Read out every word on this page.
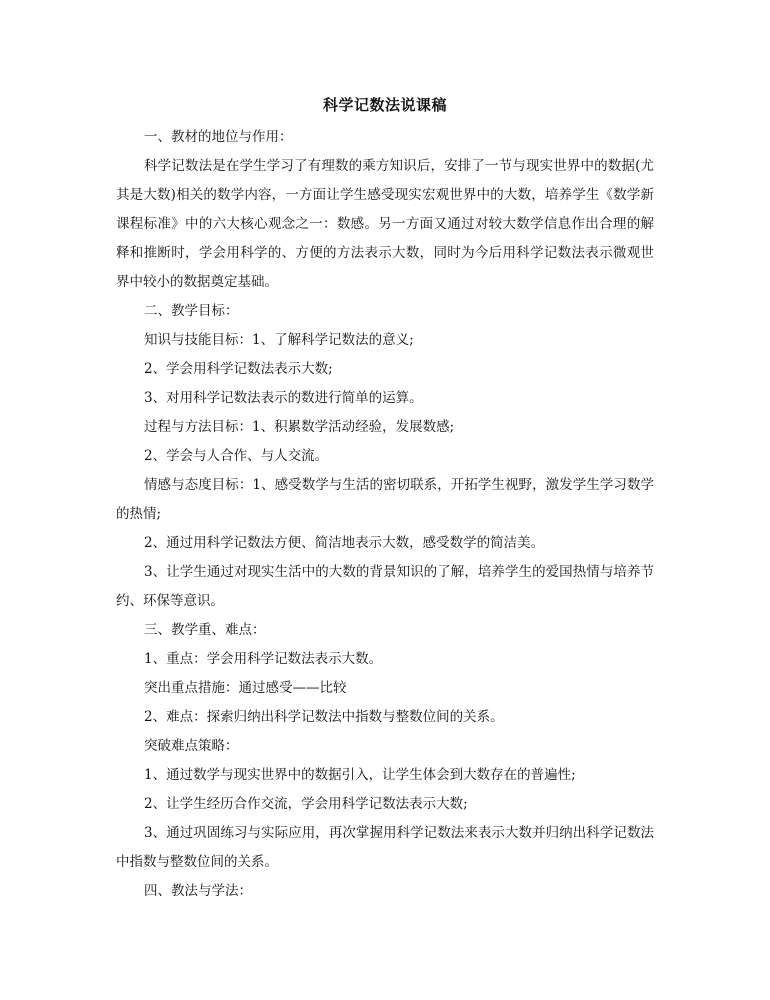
科学记数法说课稿

一、教材的地位与作用：

科学记数法是在学生学习了有理数的乘方知识后，安排了一节与现实世界中的数据(尤其是大数)相关的数学内容，一方面让学生感受现实宏观世界中的大数，培养学生《数学新课程标准》中的六大核心观念之一：数感。另一方面又通过对较大数学信息作出合理的解释和推断时，学会用科学的、方便的方法表示大数，同时为今后用科学记数法表示微观世界中较小的数据奠定基础。

二、教学目标：

知识与技能目标：1、了解科学记数法的意义;

2、学会用科学记数法表示大数;

3、对用科学记数法表示的数进行简单的运算。

过程与方法目标：1、积累数学活动经验，发展数感;

2、学会与人合作、与人交流。

情感与态度目标：1、感受数学与生活的密切联系，开拓学生视野，激发学生学习数学的热情;

2、通过用科学记数法方便、简洁地表示大数，感受数学的简洁美。

3、让学生通过对现实生活中的大数的背景知识的了解，培养学生的爱国热情与培养节约、环保等意识。

三、教学重、难点：

1、重点：学会用科学记数法表示大数。

突出重点措施：通过感受——比较

2、难点：探索归纳出科学记数法中指数与整数位间的关系。

突破难点策略：

1、通过数学与现实世界中的数据引入，让学生体会到大数存在的普遍性;

2、让学生经历合作交流，学会用科学记数法表示大数;

3、通过巩固练习与实际应用，再次掌握用科学记数法来表示大数并归纳出科学记数法中指数与整数位间的关系。

四、教法与学法：
